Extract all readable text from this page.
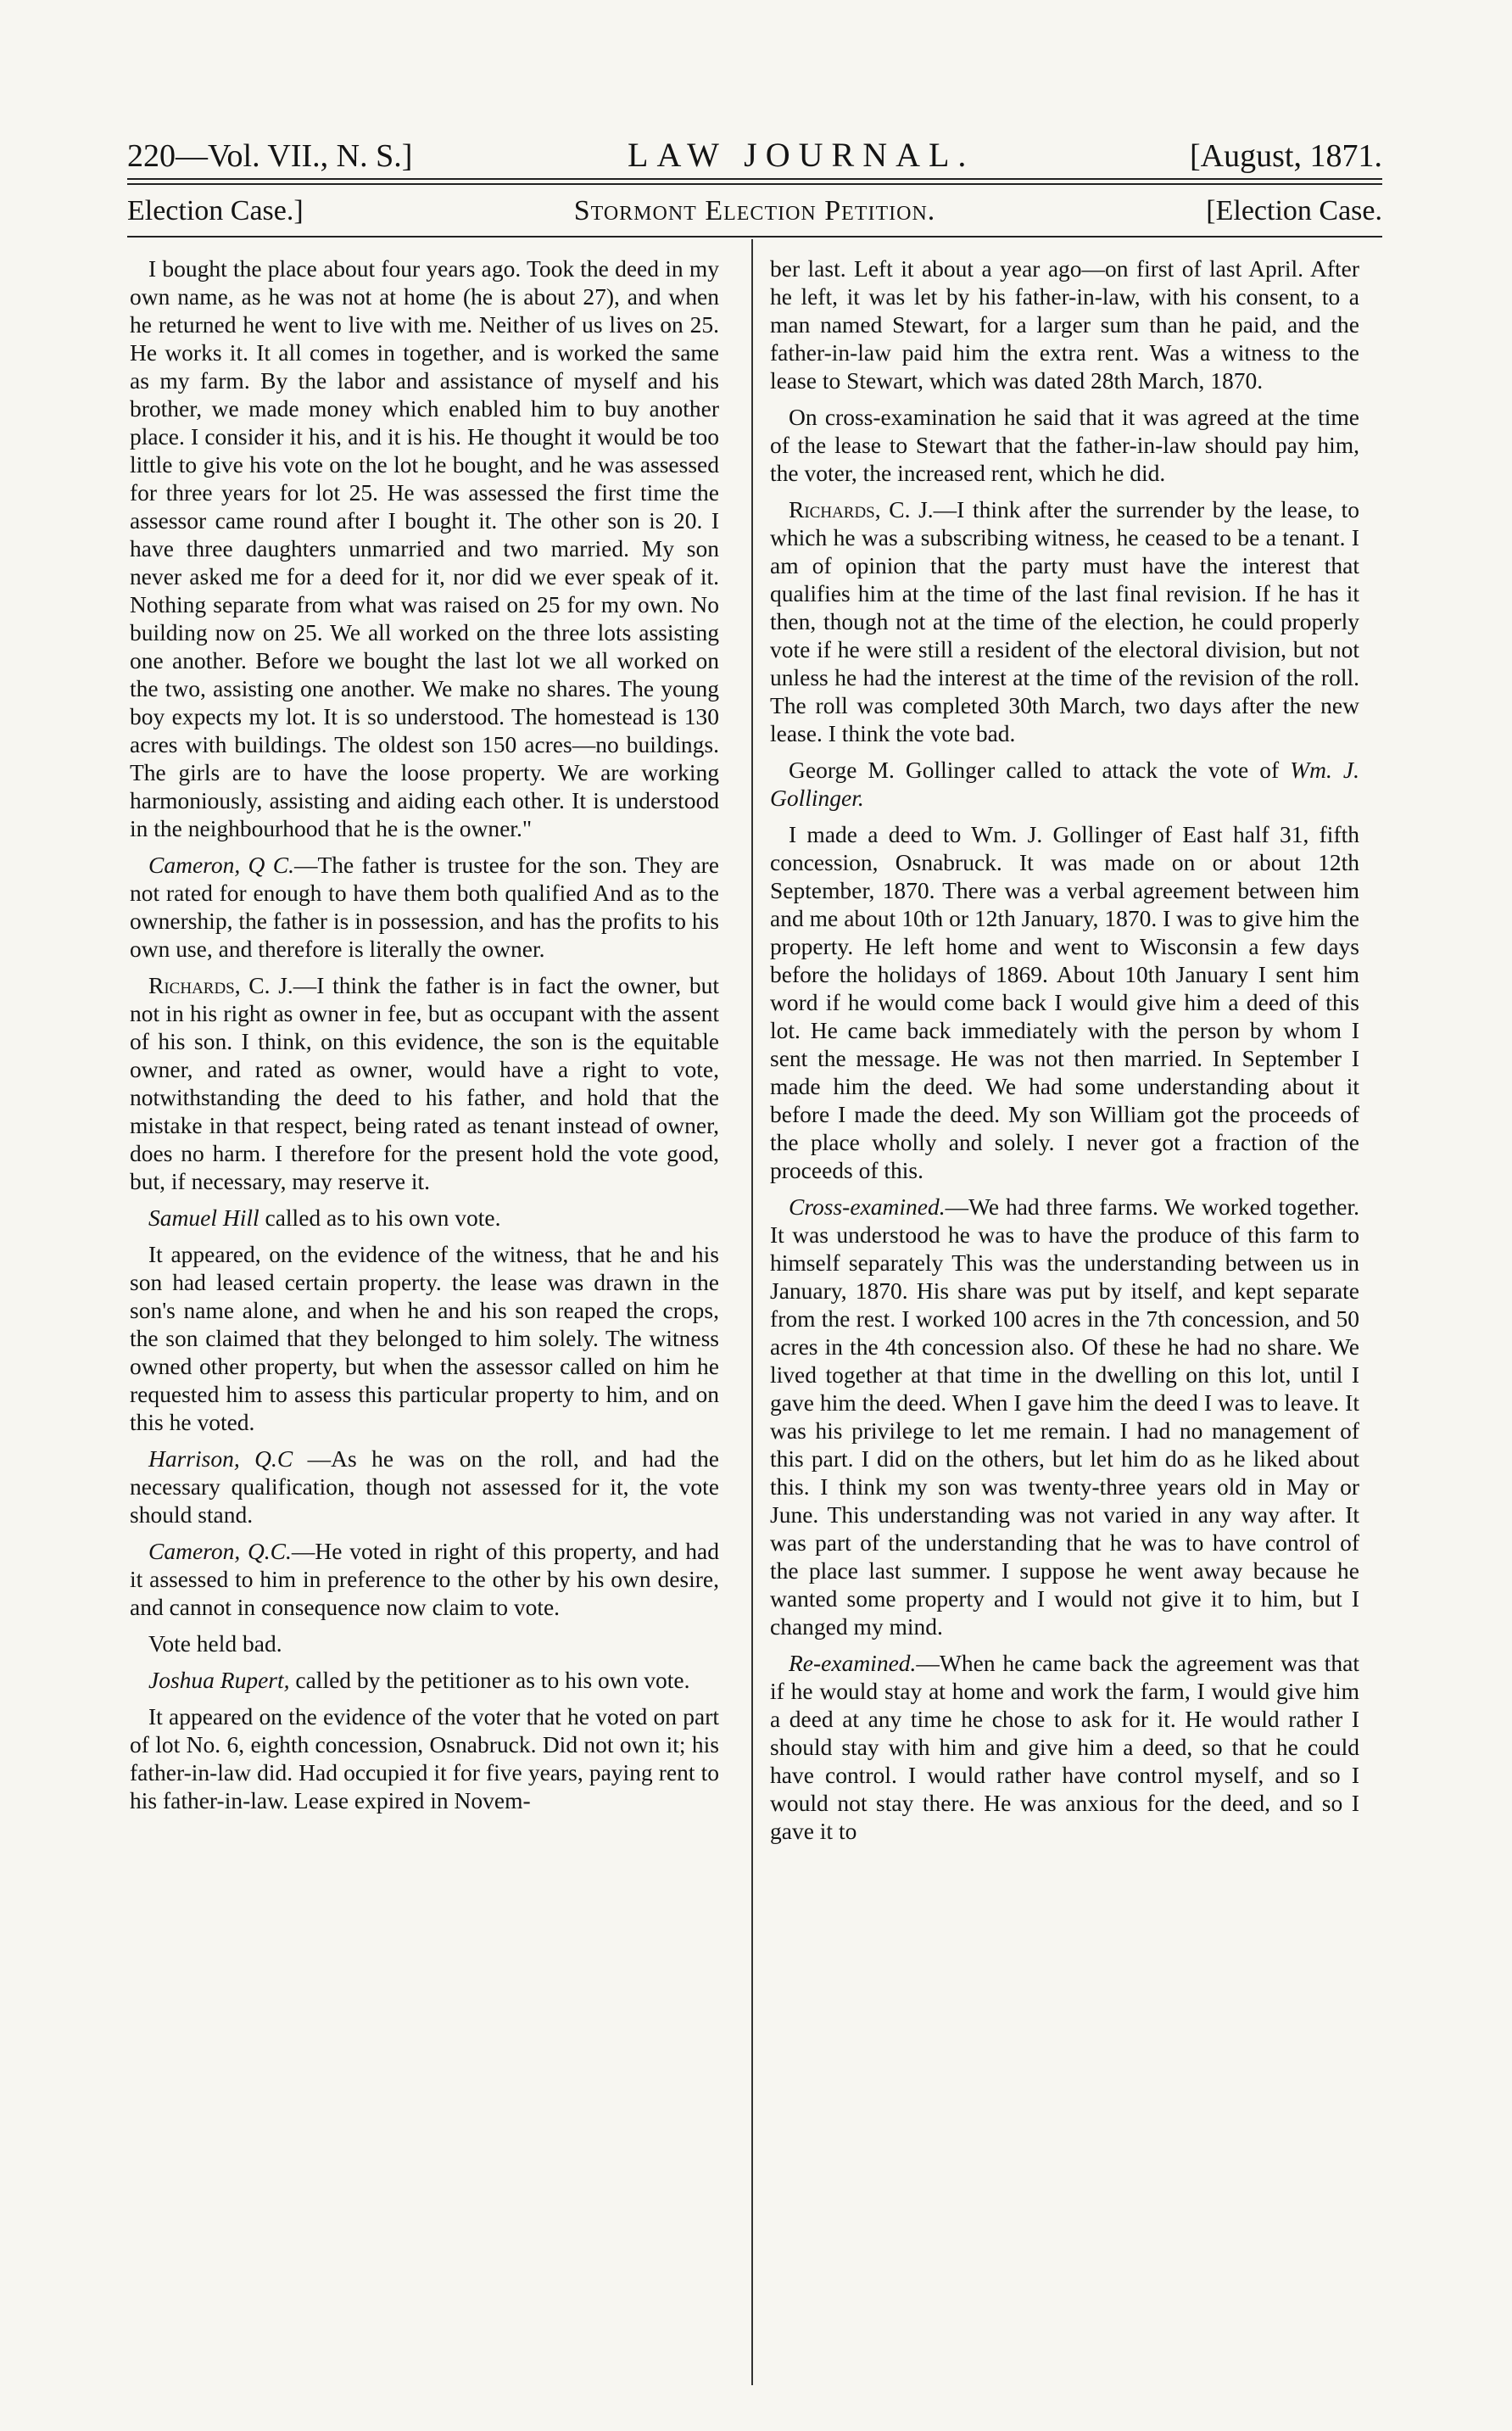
220—Vol. VII., N. S.]	LAW JOURNAL.	[August, 1871.
Election Case.]	Stormont Election Petition.	[Election Case.

I bought the place about four years ago. Took the deed in my own name, as he was not at home (he is about 27), and when he returned he went to live with me. Neither of us lives on 25. He works it. It all comes in together, and is worked the same as my farm. By the labor and assistance of myself and his brother, we made money which enabled him to buy another place. I consider it his, and it is his. He thought it would be too little to give his vote on the lot he bought, and he was assessed for three years for lot 25. He was assessed the first time the assessor came round after I bought it. The other son is 20. I have three daughters unmarried and two married. My son never asked me for a deed for it, nor did we ever speak of it. Nothing separate from what was raised on 25 for my own. No building now on 25. We all worked on the three lots assisting one another. Before we bought the last lot we all worked on the two, assisting one another. We make no shares. The young boy expects my lot. It is so understood. The homestead is 130 acres with buildings. The oldest son 150 acres—no buildings. The girls are to have the loose property. We are working harmoniously, assisting and aiding each other. It is understood in the neighbourhood that he is the owner."

Cameron, Q C.—The father is trustee for the son. They are not rated for enough to have them both qualified And as to the ownership, the father is in possession, and has the profits to his own use, and therefore is literally the owner.

Richards, C. J.—I think the father is in fact the owner, but not in his right as owner in fee, but as occupant with the assent of his son. I think, on this evidence, the son is the equitable owner, and rated as owner, would have a right to vote, notwithstanding the deed to his father, and hold that the mistake in that respect, being rated as tenant instead of owner, does no harm. I therefore for the present hold the vote good, but, if necessary, may reserve it.

Samuel Hill called as to his own vote.

It appeared, on the evidence of the witness, that he and his son had leased certain property. the lease was drawn in the son's name alone, and when he and his son reaped the crops, the son claimed that they belonged to him solely. The witness owned other property, but when the assessor called on him he requested him to assess this particular property to him, and on this he voted.

Harrison, Q.C —As he was on the roll, and had the necessary qualification, though not assessed for it, the vote should stand.

Cameron, Q.C.—He voted in right of this property, and had it assessed to him in preference to the other by his own desire, and cannot in consequence now claim to vote.

Vote held bad.

Joshua Rupert, called by the petitioner as to his own vote.

It appeared on the evidence of the voter that he voted on part of lot No. 6, eighth concession, Osnabruck. Did not own it; his father-in-law did. Had occupied it for five years, paying rent to his father-in-law. Lease expired in Novem-

ber last. Left it about a year ago—on first of last April. After he left, it was let by his father-in-law, with his consent, to a man named Stewart, for a larger sum than he paid, and the father-in-law paid him the extra rent. Was a witness to the lease to Stewart, which was dated 28th March, 1870.

On cross-examination he said that it was agreed at the time of the lease to Stewart that the father-in-law should pay him, the voter, the increased rent, which he did.

Richards, C. J.—I think after the surrender by the lease, to which he was a subscribing witness, he ceased to be a tenant. I am of opinion that the party must have the interest that qualifies him at the time of the last final revision. If he has it then, though not at the time of the election, he could properly vote if he were still a resident of the electoral division, but not unless he had the interest at the time of the revision of the roll. The roll was completed 30th March, two days after the new lease. I think the vote bad.

George M. Gollinger called to attack the vote of Wm. J. Gollinger.

I made a deed to Wm. J. Gollinger of East half 31, fifth concession, Osnabruck. It was made on or about 12th September, 1870. There was a verbal agreement between him and me about 10th or 12th January, 1870. I was to give him the property. He left home and went to Wisconsin a few days before the holidays of 1869. About 10th January I sent him word if he would come back I would give him a deed of this lot. He came back immediately with the person by whom I sent the message. He was not then married. In September I made him the deed. We had some understanding about it before I made the deed. My son William got the proceeds of the place wholly and solely. I never got a fraction of the proceeds of this.

Cross-examined.—We had three farms. We worked together. It was understood he was to have the produce of this farm to himself separately This was the understanding between us in January, 1870. His share was put by itself, and kept separate from the rest. I worked 100 acres in the 7th concession, and 50 acres in the 4th concession also. Of these he had no share. We lived together at that time in the dwelling on this lot, until I gave him the deed. When I gave him the deed I was to leave. It was his privilege to let me remain. I had no management of this part. I did on the others, but let him do as he liked about this. I think my son was twenty-three years old in May or June. This understanding was not varied in any way after. It was part of the understanding that he was to have control of the place last summer. I suppose he went away because he wanted some property and I would not give it to him, but I changed my mind.

Re-examined.—When he came back the agreement was that if he would stay at home and work the farm, I would give him a deed at any time he chose to ask for it. He would rather I should stay with him and give him a deed, so that he could have control. I would rather have control myself, and so I would not stay there. He was anxious for the deed, and so I gave it to
